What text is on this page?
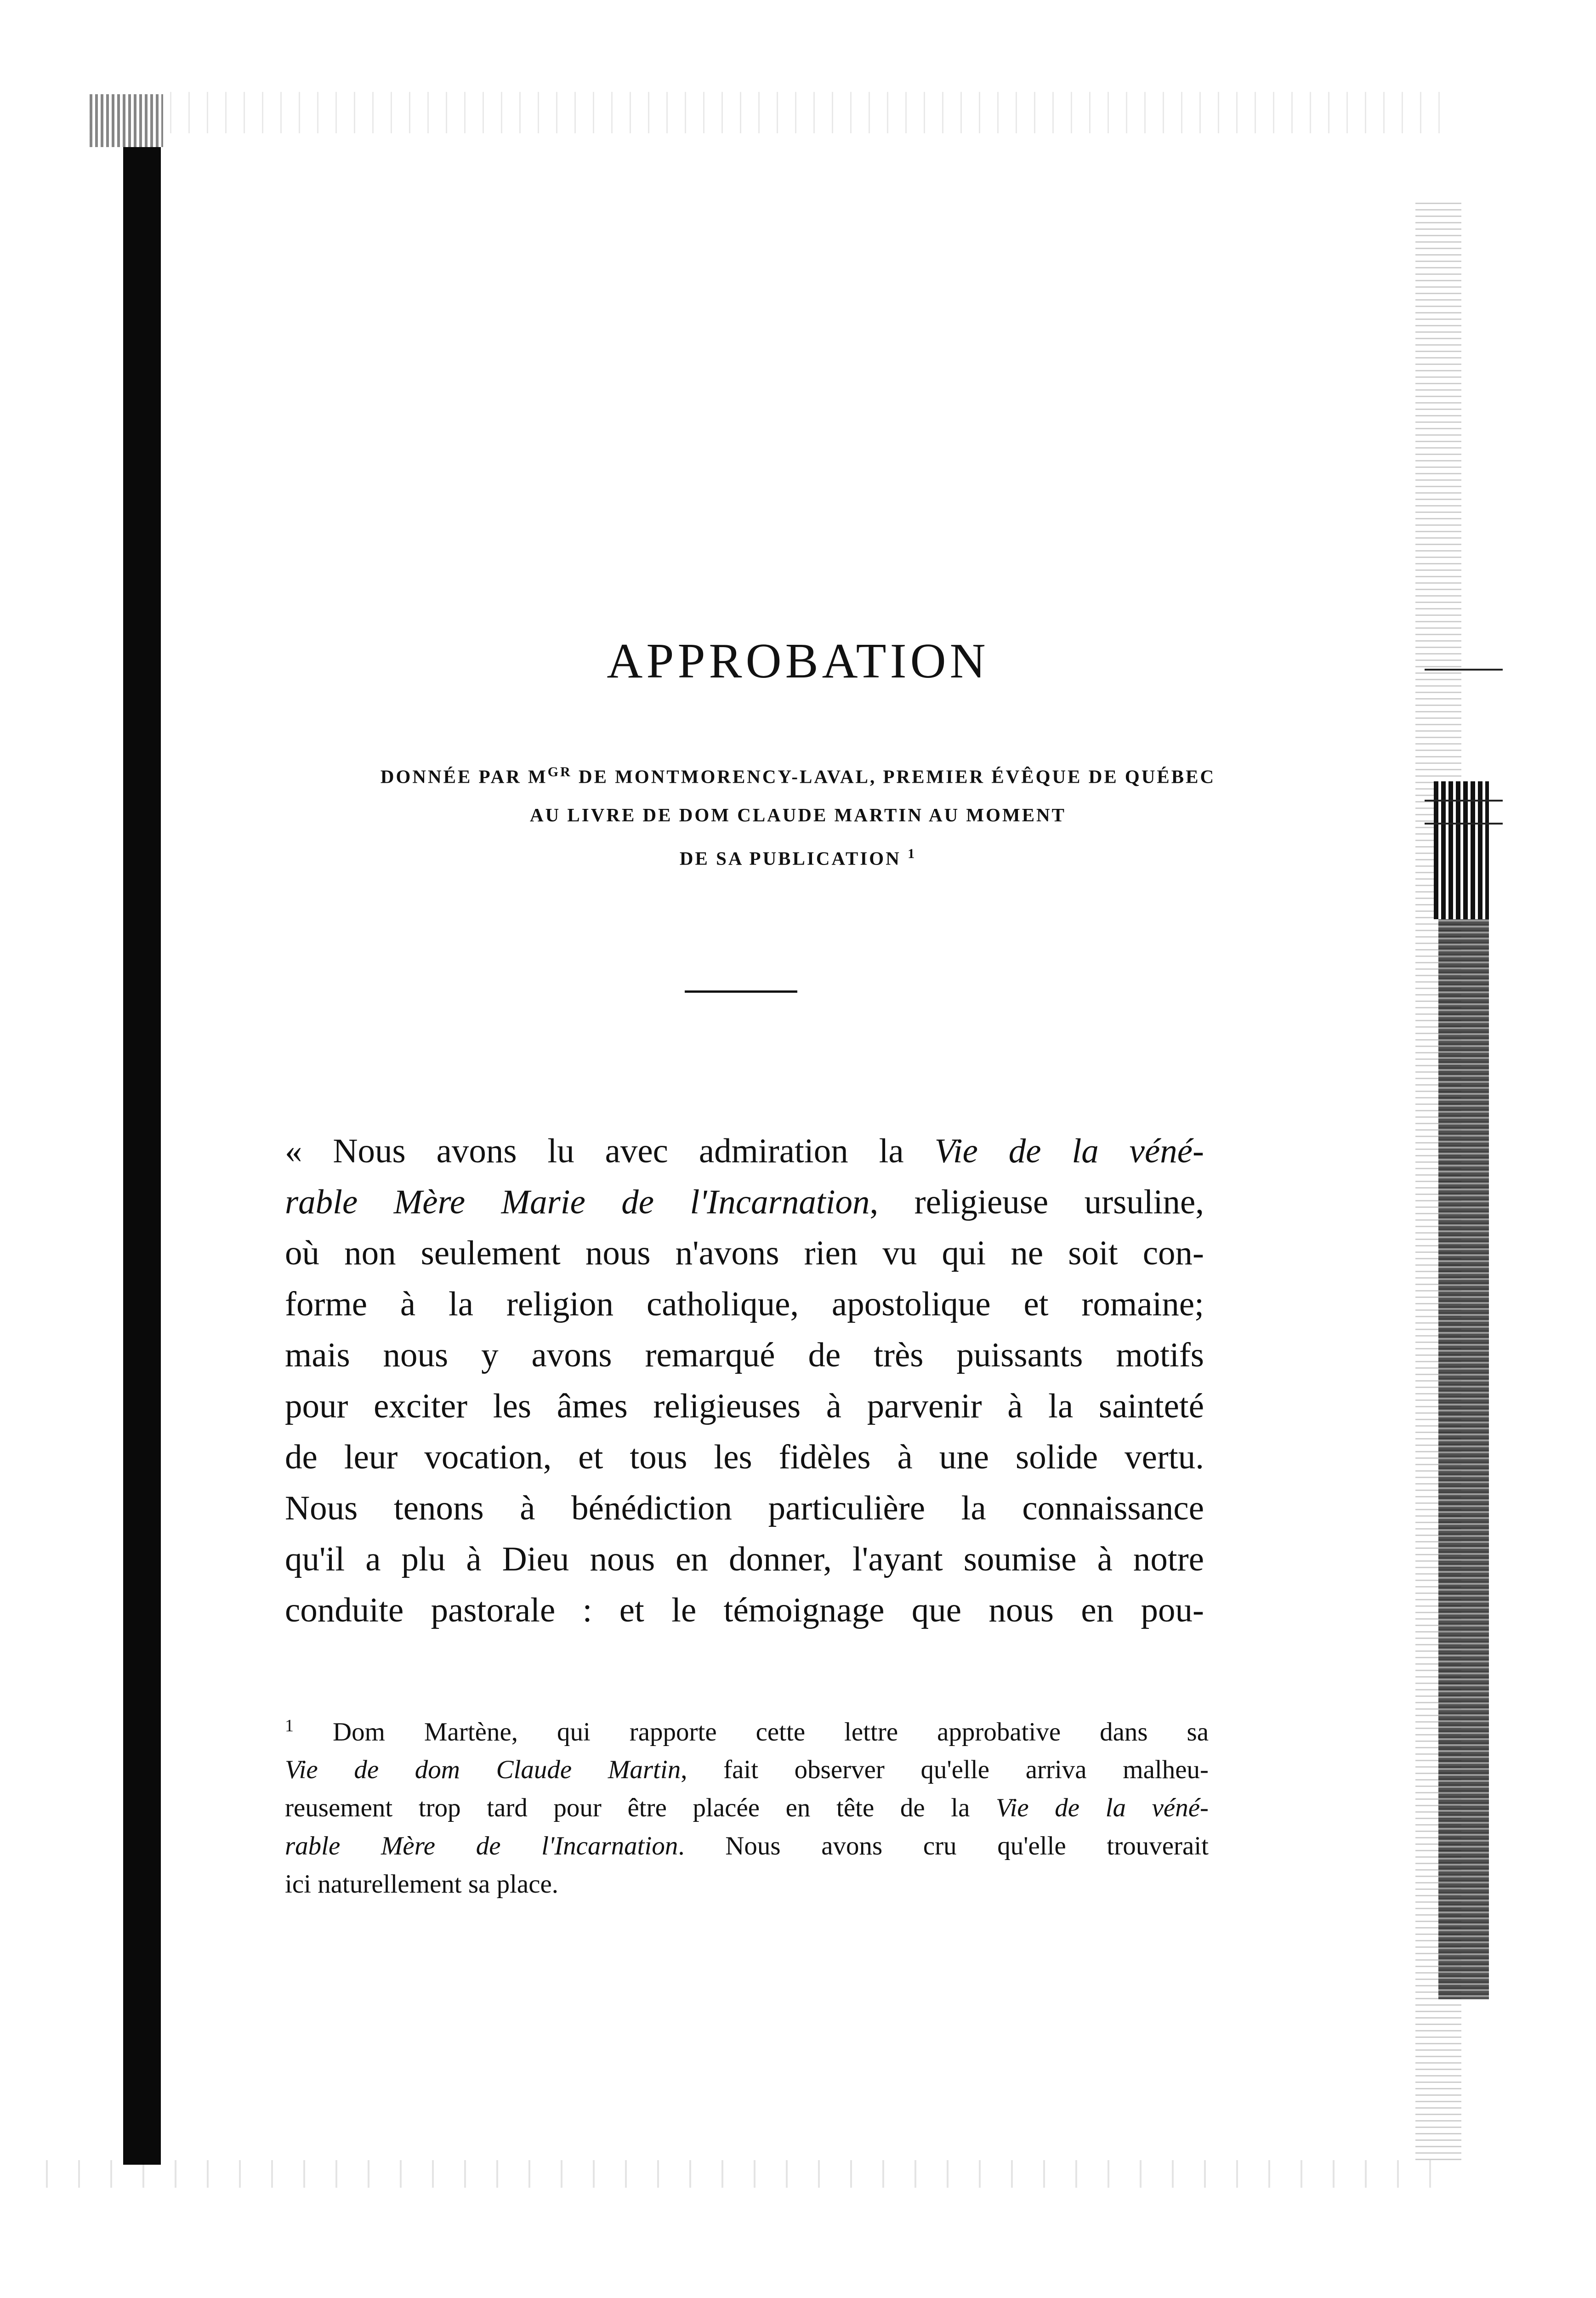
APPROBATION
DONNÉE PAR $M^{GR}$ DE MONTMORENCY-LAVAL, PREMIER ÉVÊQUE DE QUÉBEC
AU LIVRE DE DOM CLAUDE MARTIN AU MOMENT
DE SA PUBLICATION $^1$
« Nous avons lu avec admiration la Vie de la véné-
rable Mère Marie de l'Incarnation, religieuse ursuline,
où non seulement nous n'avons rien vu qui ne soit con-
forme à la religion catholique, apostolique et romaine;
mais nous y avons remarqué de très puissants motifs
pour exciter les âmes religieuses à parvenir à la sainteté
de leur vocation, et tous les fidèles à une solide vertu.
Nous tenons à bénédiction particulière la connaissance
qu'il a plu à Dieu nous en donner, l'ayant soumise à notre
conduite pastorale : et le témoignage que nous en pou-
$^1$ Dom Martène, qui rapporte cette lettre approbative dans sa
Vie de dom Claude Martin, fait observer qu'elle arriva malheu-
reusement trop tard pour être placée en tête de la Vie de la véné-
rable Mère de l'Incarnation. Nous avons cru qu'elle trouverait
ici naturellement sa place.
